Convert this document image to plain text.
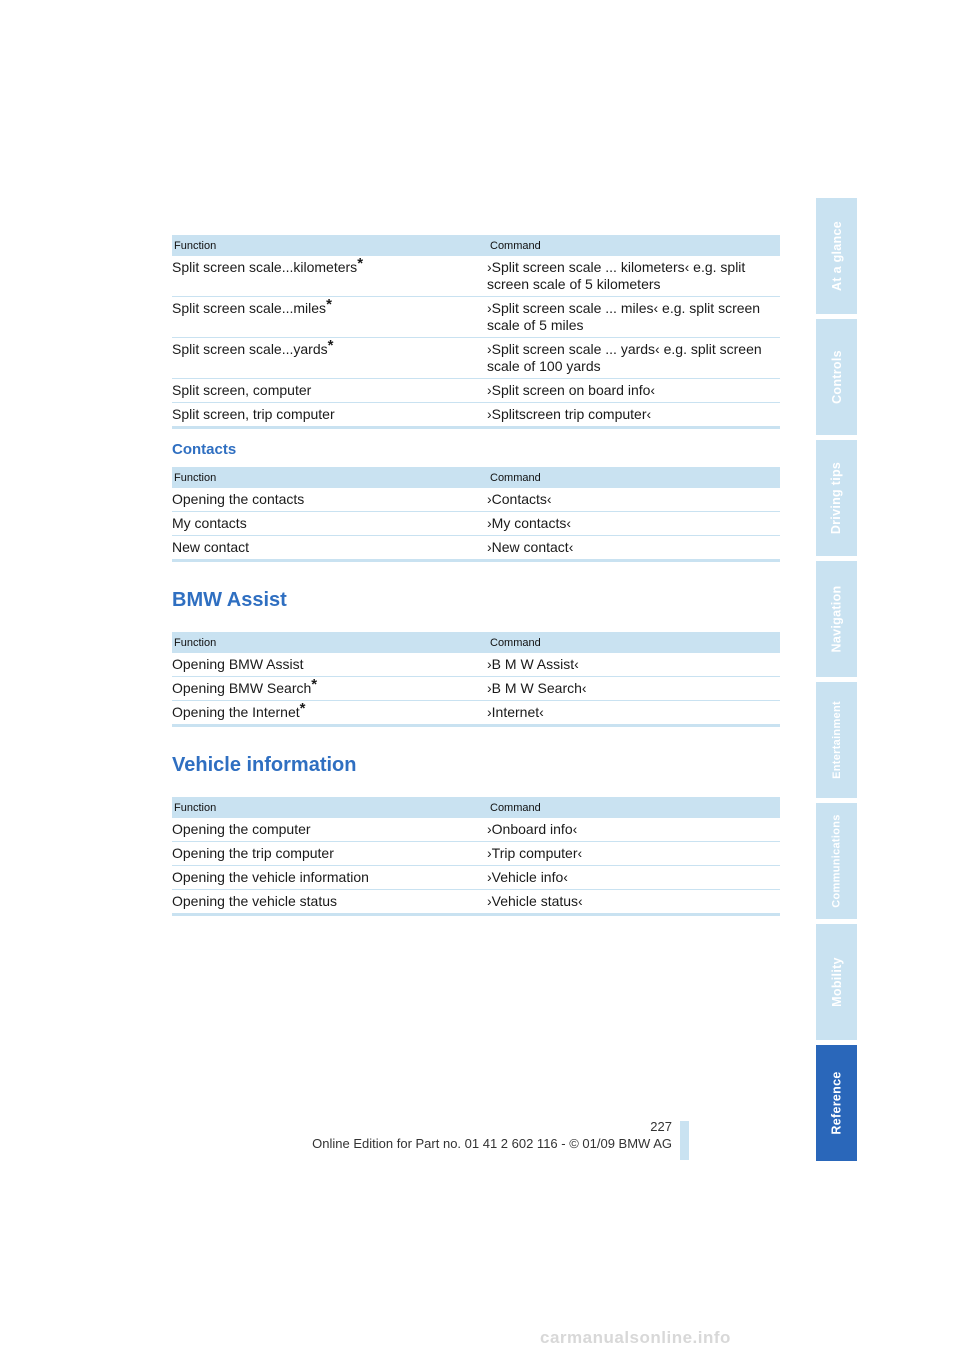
Function	Command
Split screen scale...kilometers*	›Split screen scale ... kilometers‹ e.g. split screen scale of 5 kilometers
Split screen scale...miles*	›Split screen scale ... miles‹ e.g. split screen scale of 5 miles
Split screen scale...yards*	›Split screen scale ... yards‹ e.g. split screen scale of 100 yards
Split screen, computer	›Split screen on board info‹
Split screen, trip computer	›Splitscreen trip computer‹
Contacts
Function	Command
Opening the contacts	›Contacts‹
My contacts	›My contacts‹
New contact	›New contact‹
BMW Assist
Function	Command
Opening BMW Assist	›B M W Assist‹
Opening BMW Search*	›B M W Search‹
Opening the Internet*	›Internet‹
Vehicle information
Function	Command
Opening the computer	›Onboard info‹
Opening the trip computer	›Trip computer‹
Opening the vehicle information	›Vehicle info‹
Opening the vehicle status	›Vehicle status‹
At a glance
Controls
Driving tips
Navigation
Entertainment
Communications
Mobility
Reference
227
Online Edition for Part no. 01 41 2 602 116 - © 01/09 BMW AG
carmanualsonline.info
